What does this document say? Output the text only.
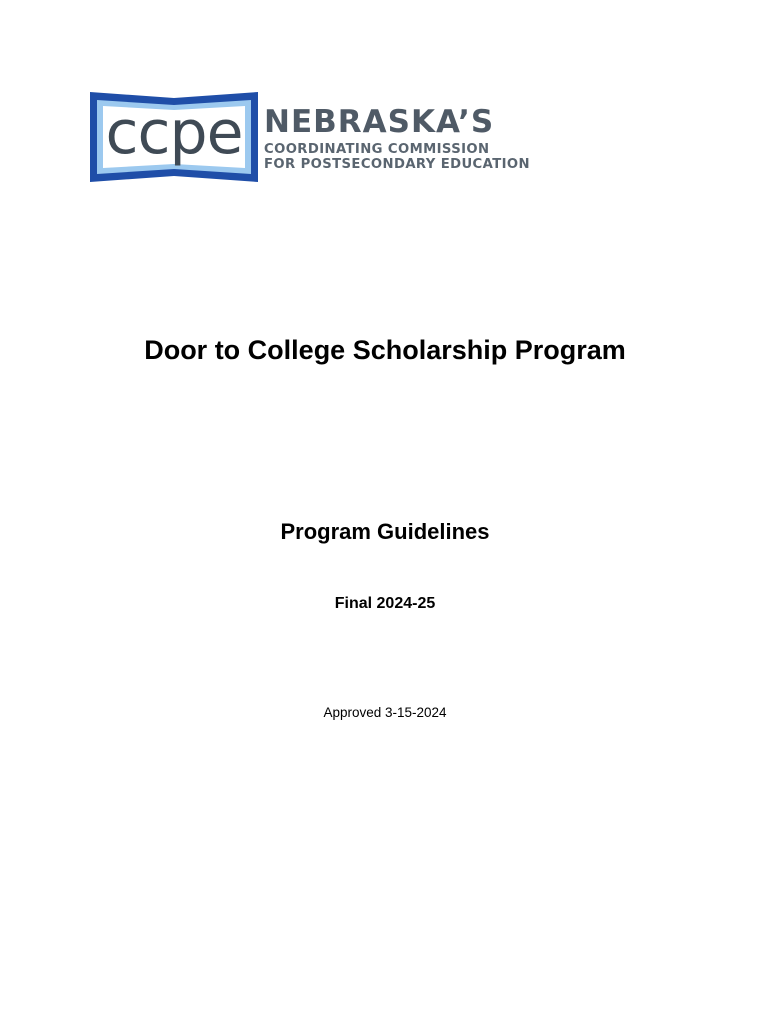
ccpe NEBRASKA’S
COORDINATING COMMISSION
FOR POSTSECONDARY EDUCATION
Door to College Scholarship Program
Program Guidelines
Final 2024-25
Approved 3-15-2024
